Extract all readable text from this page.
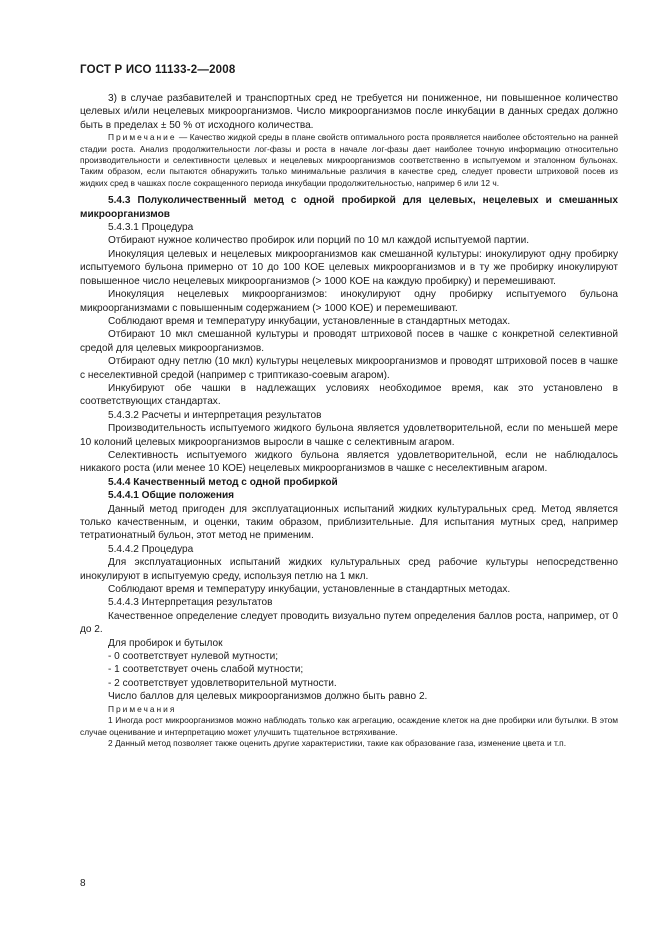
ГОСТ Р ИСО 11133-2—2008

3) в случае разбавителей и транспортных сред не требуется ни пониженное, ни повышенное количество целевых и/или нецелевых микроорганизмов. Число микроорганизмов после инкубации в данных средах должно быть в пределах ± 50 % от исходного количества.

Примечание — Качество жидкой среды в плане свойств оптимального роста проявляется наиболее обстоятельно на ранней стадии роста. Анализ продолжительности лог-фазы и роста в начале лог-фазы дает наиболее точную информацию относительно производительности и селективности целевых и нецелевых микроорганизмов соответственно в испытуемом и эталонном бульонах. Таким образом, если пытаются обнаружить только минимальные различия в качестве сред, следует провести штриховой посев из жидких сред в чашках после сокращенного периода инкубации продолжительностью, например 6 или 12 ч.

5.4.3 Полуколичественный метод с одной пробиркой для целевых, нецелевых и смешанных микроорганизмов

5.4.3.1 Процедура

Отбирают нужное количество пробирок или порций по 10 мл каждой испытуемой партии.

Инокуляция целевых и нецелевых микроорганизмов как смешанной культуры: инокулируют одну пробирку испытуемого бульона примерно от 10 до 100 КОЕ целевых микроорганизмов и в ту же пробирку инокулируют повышенное число нецелевых микроорганизмов (> 1000 КОЕ на каждую пробирку) и перемешивают.

Инокуляция нецелевых микроорганизмов: инокулируют одну пробирку испытуемого бульона микроорганизмами с повышенным содержанием (> 1000 КОЕ) и перемешивают.

Соблюдают время и температуру инкубации, установленные в стандартных методах.

Отбирают 10 мкл смешанной культуры и проводят штриховой посев в чашке с конкретной селективной средой для целевых микроорганизмов.

Отбирают одну петлю (10 мкл) культуры нецелевых микроорганизмов и проводят штриховой посев в чашке с неселективной средой (например с триптиказо-соевым агаром).

Инкубируют обе чашки в надлежащих условиях необходимое время, как это установлено в соответствующих стандартах.

5.4.3.2 Расчеты и интерпретация результатов

Производительность испытуемого жидкого бульона является удовлетворительной, если по меньшей мере 10 колоний целевых микроорганизмов выросли в чашке с селективным агаром.

Селективность испытуемого жидкого бульона является удовлетворительной, если не наблюдалось никакого роста (или менее 10 КОЕ) нецелевых микроорганизмов в чашке с неселективным агаром.

5.4.4 Качественный метод с одной пробиркой

5.4.4.1 Общие положения

Данный метод пригоден для эксплуатационных испытаний жидких культуральных сред. Метод является только качественным, и оценки, таким образом, приблизительные. Для испытания мутных сред, например тетратионатный бульон, этот метод не применим.

5.4.4.2 Процедура

Для эксплуатационных испытаний жидких культуральных сред рабочие культуры непосредственно инокулируют в испытуемую среду, используя петлю на 1 мкл.

Соблюдают время и температуру инкубации, установленные в стандартных методах.

5.4.4.3 Интерпретация результатов

Качественное определение следует проводить визуально путем определения баллов роста, например, от 0 до 2.

Для пробирок и бутылок

- 0 соответствует нулевой мутности;

- 1 соответствует очень слабой мутности;

- 2 соответствует удовлетворительной мутности.

Число баллов для целевых микроорганизмов должно быть равно 2.

Примечания

1 Иногда рост микроорганизмов можно наблюдать только как агрегацию, осаждение клеток на дне пробирки или бутылки. В этом случае оценивание и интерпретацию может улучшить тщательное встряхивание.

2 Данный метод позволяет также оценить другие характеристики, такие как образование газа, изменение цвета и т.п.

8
